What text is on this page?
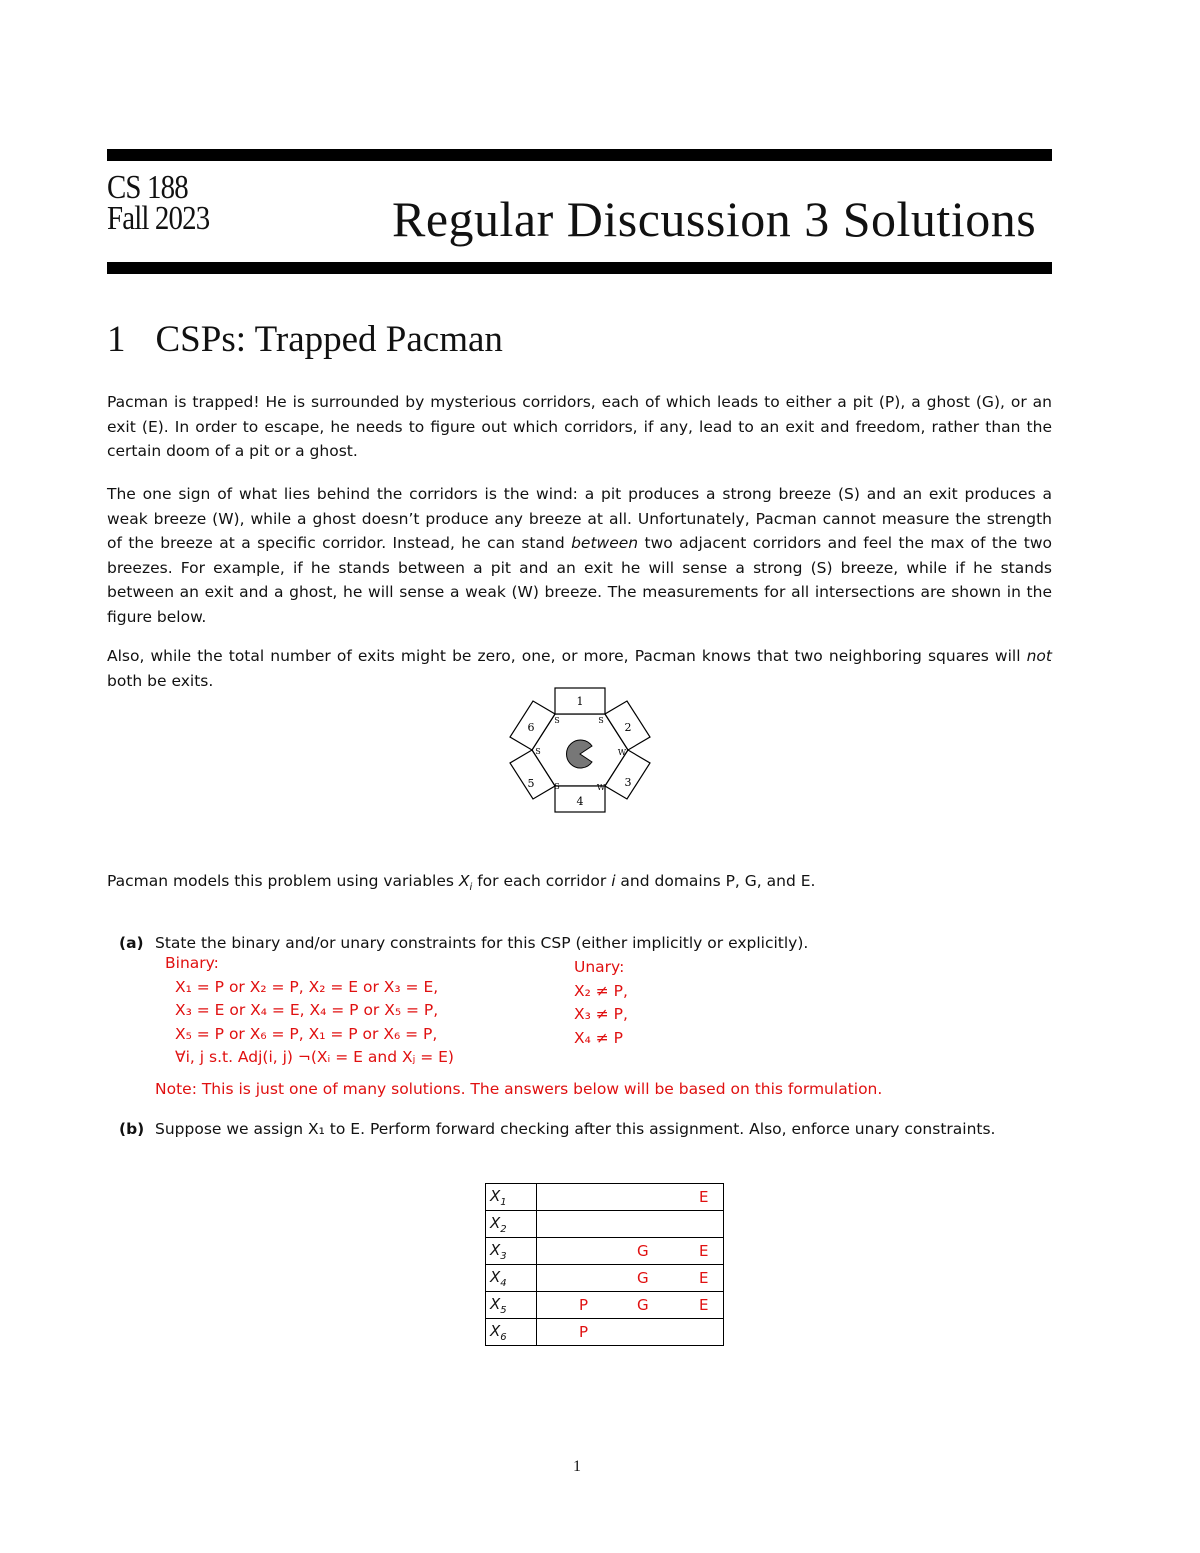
CS 188
Fall 2023	Regular Discussion 3 Solutions
1 CSPs: Trapped Pacman

Pacman is trapped! He is surrounded by mysterious corridors, each of which leads to either a pit (P), a ghost (G), or an exit (E). In order to escape, he needs to figure out which corridors, if any, lead to an exit and freedom, rather than the certain doom of a pit or a ghost.

The one sign of what lies behind the corridors is the wind: a pit produces a strong breeze (S) and an exit produces a weak breeze (W), while a ghost doesn’t produce any breeze at all. Unfortunately, Pacman cannot measure the strength of the breeze at a specific corridor. Instead, he can stand between two adjacent corridors and feel the max of the two breezes. For example, if he stands between a pit and an exit he will sense a strong (S) breeze, while if he stands between an exit and a ghost, he will sense a weak (W) breeze. The measurements for all intersections are shown in the figure below.

Also, while the total number of exits might be zero, one, or more, Pacman knows that two neighboring squares will not both be exits.

1
2
3
4
5
6
S
W
W
S
S
S

Pacman models this problem using variables $X_i$ for each corridor i and domains P, G, and E.

(a) State the binary and/or unary constraints for this CSP (either implicitly or explicitly).
Binary:
X₁ = P or X₂ = P, X₂ = E or X₃ = E,
X₃ = E or X₄ = E, X₄ = P or X₅ = P,
X₅ = P or X₆ = P, X₁ = P or X₆ = P,
∀i, j s.t. Adj(i, j) ¬(Xᵢ = E and Xⱼ = E)
Unary:
X₂ ≠ P,
X₃ ≠ P,
X₄ ≠ P
Note: This is just one of many solutions. The answers below will be based on this formulation.
(b) Suppose we assign X₁ to E. Perform forward checking after this assignment. Also, enforce unary constraints.
$X_1$	E

$X_2$	

$X_3$	G E

$X_4$	G E

$X_5$	P G E

$X_6$	P
1
